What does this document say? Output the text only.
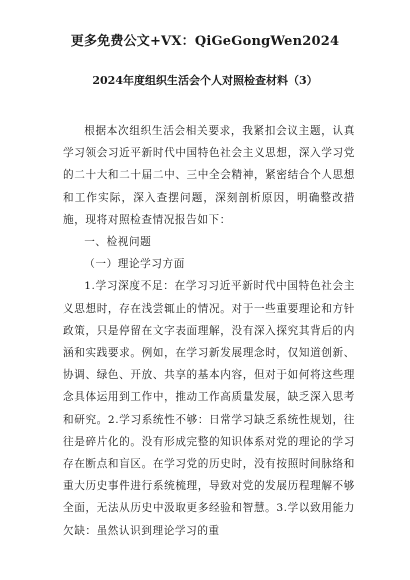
更多免费公文+VX：QiGeGongWen2024
2024年度组织生活会个人对照检查材料（3）

根据本次组织生活会相关要求，我紧扣会议主题，认真学习领会习近平新时代中国特色社会主义思想，深入学习党的二十大和二十届二中、三中全会精神，紧密结合个人思想和工作实际，深入查摆问题，深刻剖析原因，明确整改措施，现将对照检查情况报告如下：

一、检视问题

（一）理论学习方面

1.学习深度不足：在学习习近平新时代中国特色社会主义思想时，存在浅尝辄止的情况。对于一些重要理论和方针政策，只是停留在文字表面理解，没有深入探究其背后的内涵和实践要求。例如，在学习新发展理念时，仅知道创新、协调、绿色、开放、共享的基本内容，但对于如何将这些理念具体运用到工作中，推动工作高质量发展，缺乏深入思考和研究。2.学习系统性不够：日常学习缺乏系统性规划，往往是碎片化的。没有形成完整的知识体系对党的理论的学习存在断点和盲区。在学习党的历史时，没有按照时间脉络和重大历史事件进行系统梳理，导致对党的发展历程理解不够全面，无法从历史中汲取更多经验和智慧。3.学以致用能力欠缺：虽然认识到理论学习的重
